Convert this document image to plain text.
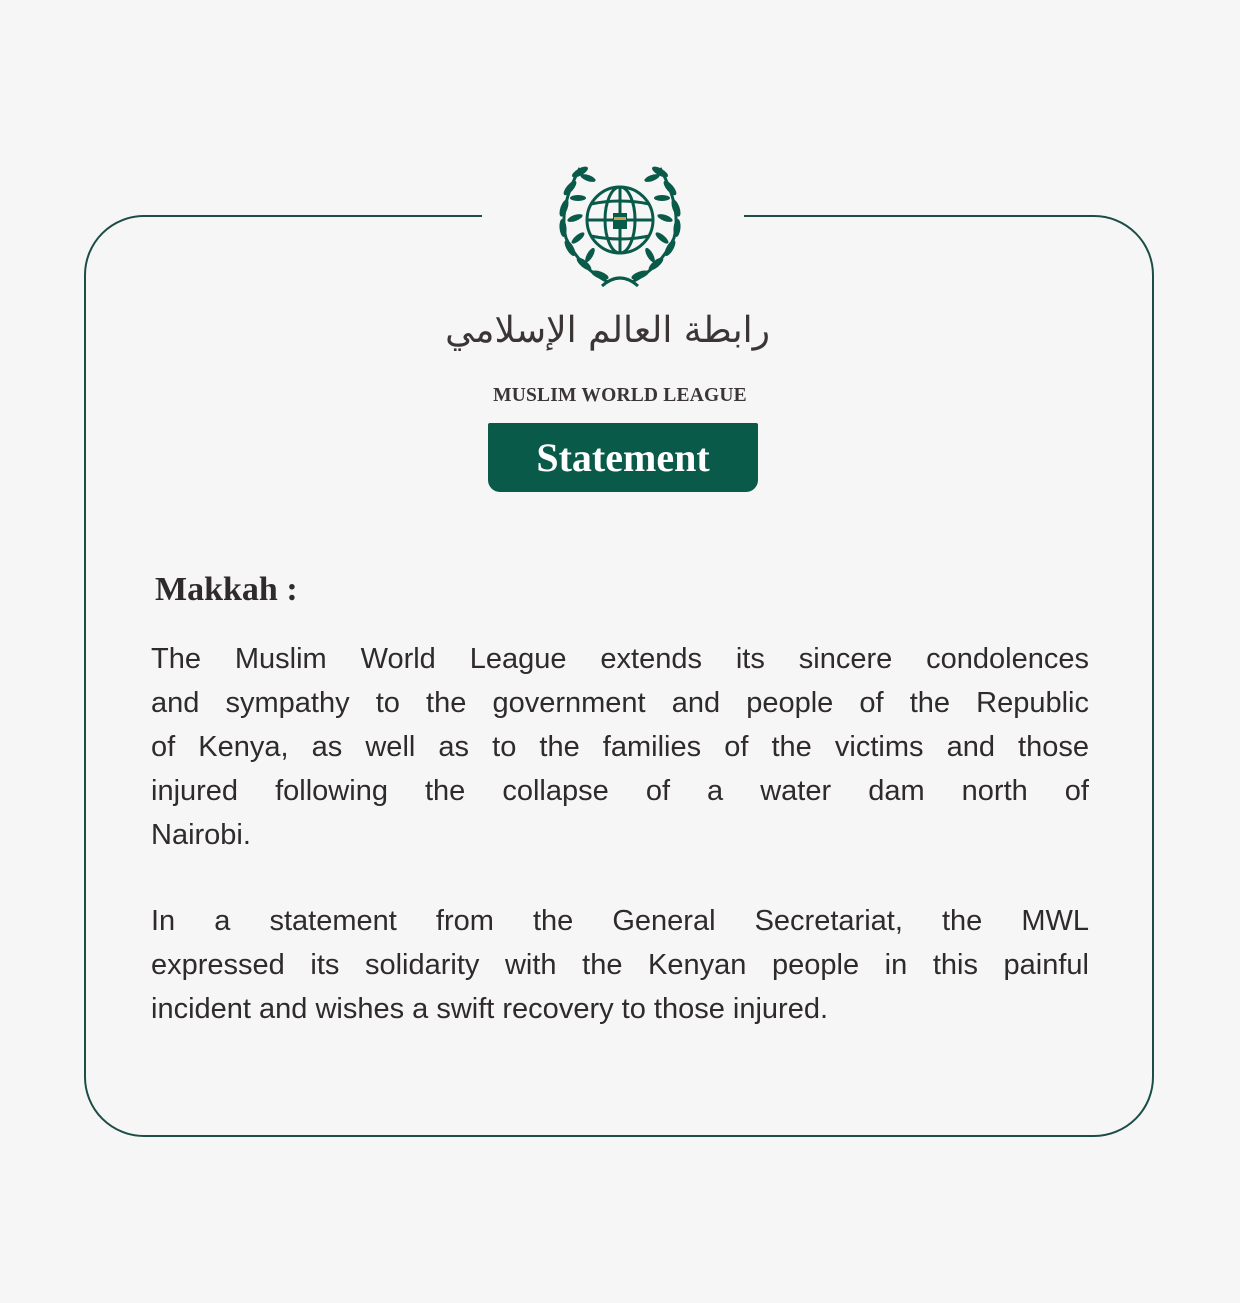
رابطة العالم الإسلامي
MUSLIM WORLD LEAGUE
Statement
Makkah :
The Muslim World League extends its sincere condolences
and sympathy to the government and people of the Republic
of Kenya, as well as to the families of the victims and those
injured following the collapse of a water dam north of
Nairobi.
In a statement from the General Secretariat, the MWL
expressed its solidarity with the Kenyan people in this painful
incident and wishes a swift recovery to those injured.
